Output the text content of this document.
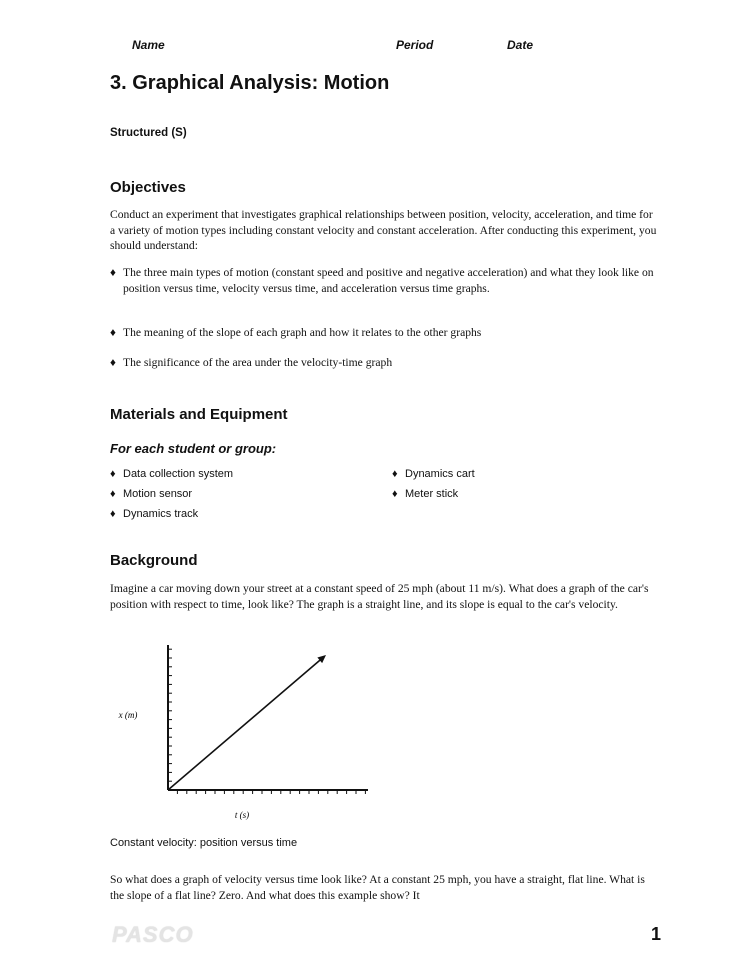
Name	Period	Date
3. Graphical Analysis: Motion
Structured (S)
Objectives
Conduct an experiment that investigates graphical relationships between position, velocity, acceleration, and time for a variety of motion types including constant velocity and constant acceleration. After conducting this experiment, you should understand:
♦ The three main types of motion (constant speed and positive and negative acceleration) and what they look like on position versus time, velocity versus time, and acceleration versus time graphs.
♦ The meaning of the slope of each graph and how it relates to the other graphs
♦ The significance of the area under the velocity-time graph
Materials and Equipment
For each student or group:
♦ Data collection system
♦ Motion sensor
♦ Dynamics track
♦ Dynamics cart
♦ Meter stick
Background
Imagine a car moving down your street at a constant speed of 25 mph (about 11 m/s). What does a graph of the car's position with respect to time, look like? The graph is a straight line, and its slope is equal to the car's velocity.
x (m)
t (s)
Constant velocity: position versus time
So what does a graph of velocity versus time look like? At a constant 25 mph, you have a straight, flat line. What is the slope of a flat line? Zero. And what does this example show? It
PASCO	1
